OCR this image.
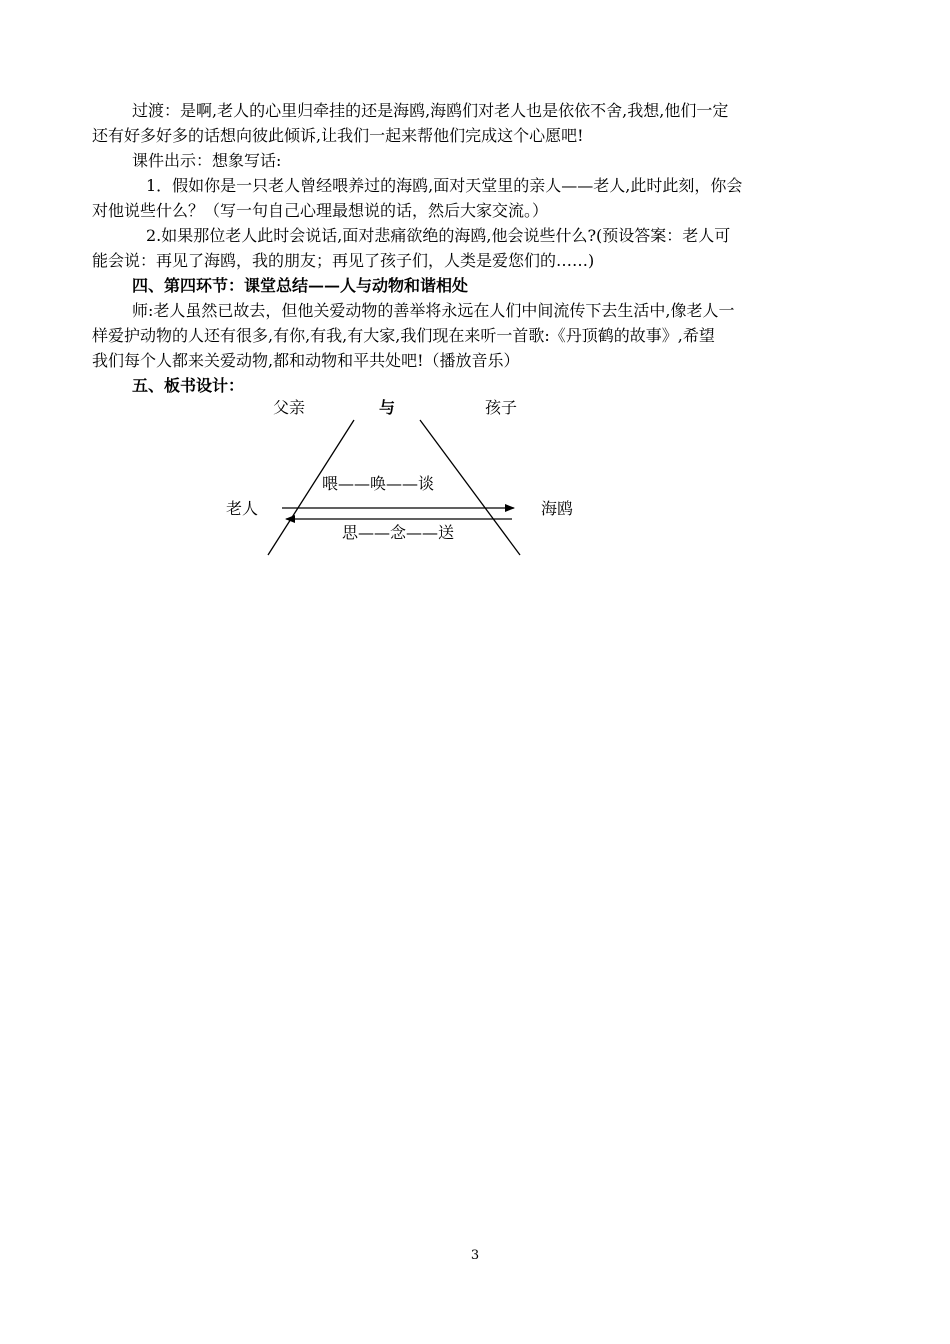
过渡：是啊,老人的心里归牵挂的还是海鸥,海鸥们对老人也是依依不舍,我想,他们一定
还有好多好多的话想向彼此倾诉,让我们一起来帮他们完成这个心愿吧!
课件出示：想象写话:
1．假如你是一只老人曾经喂养过的海鸥,面对天堂里的亲人——老人,此时此刻，你会
对他说些什么？（写一句自己心理最想说的话，然后大家交流。）
2.如果那位老人此时会说话,面对悲痛欲绝的海鸥,他会说些什么?(预设答案：老人可
能会说：再见了海鸥，我的朋友；再见了孩子们，人类是爱您们的……)
四、第四环节：课堂总结——人与动物和谐相处
师:老人虽然已故去，但他关爱动物的善举将永远在人们中间流传下去生活中,像老人一
样爱护动物的人还有很多,有你,有我,有大家,我们现在来听一首歌:《丹顶鹤的故事》,希望
我们每个人都来关爱动物,都和动物和平共处吧!（播放音乐）
五、板书设计：
父亲	与	孩子
喂——唤——谈
老人	海鸥
思——念——送
3
